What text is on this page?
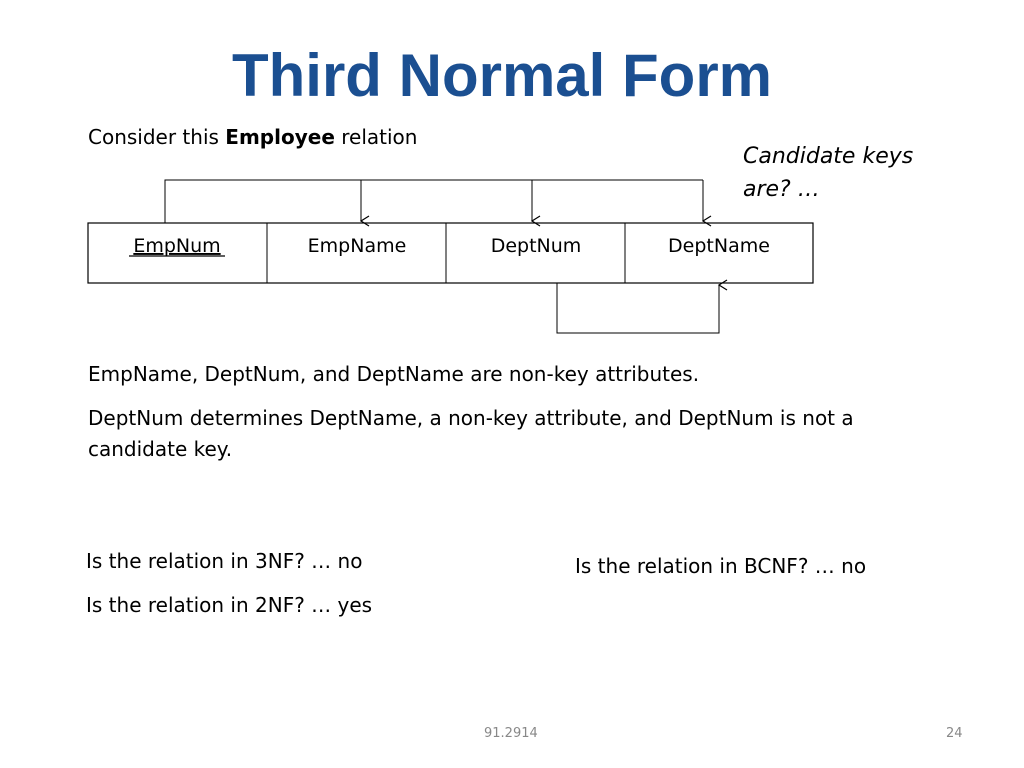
Third Normal Form
Consider this Employee relation
Candidate keys are? …
EmpNum	EmpName	DeptNum	DeptName
EmpName, DeptNum, and DeptName are non-key attributes.
DeptNum determines DeptName, a non-key attribute, and DeptNum is not a candidate key.
Is the relation in 3NF? … no
Is the relation in 2NF? … yes
Is the relation in BCNF? … no
91.2914	24
